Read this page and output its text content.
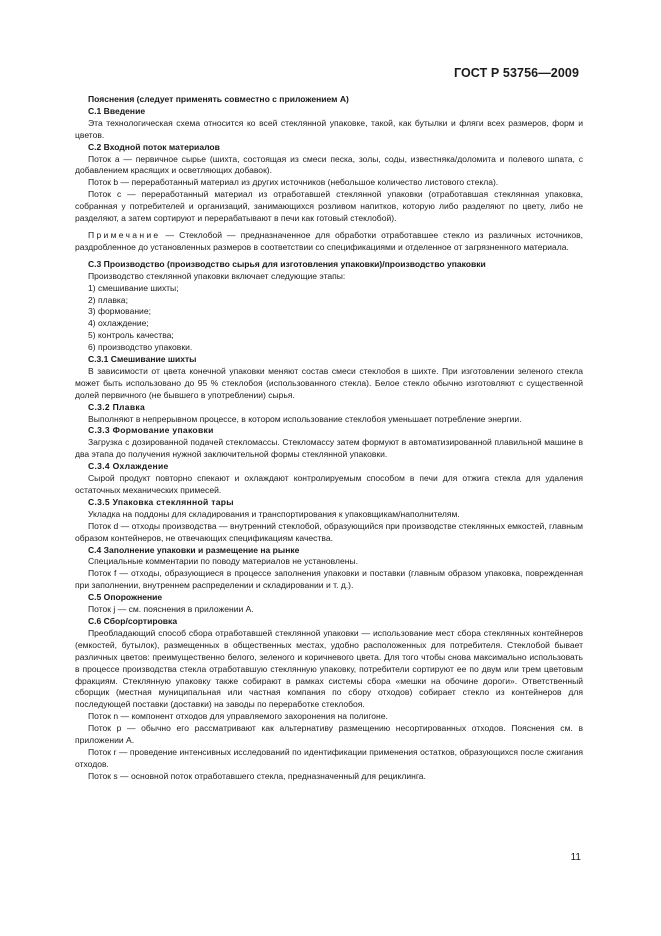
ГОСТ Р 53756—2009

Пояснения (следует применять совместно с приложением А)

С.1 Введение

Эта технологическая схема относится ко всей стеклянной упаковке, такой, как бутылки и фляги всех размеров, форм и цветов.

С.2 Входной поток материалов

Поток а — первичное сырье (шихта, состоящая из смеси песка, золы, соды, известняка/доломита и полевого шпата, с добавлением красящих и осветляющих добавок).

Поток b — переработанный материал из других источников (небольшое количество листового стекла).

Поток с — переработанный материал из отработавшей стеклянной упаковки (отработавшая стеклянная упаковка, собранная у потребителей и организаций, занимающихся розливом напитков, которую либо разделяют по цвету, либо не разделяют, а затем сортируют и перерабатывают в печи как готовый стеклобой).

Примечание — Стеклобой — предназначенное для обработки отработавшее стекло из различных источников, раздробленное до установленных размеров в соответствии со спецификациями и отделенное от загрязненного материала.

С.3 Производство (производство сырья для изготовления упаковки)/производство упаковки

Производство стеклянной упаковки включает следующие этапы:

1) смешивание шихты;

2) плавка;

3) формование;

4) охлаждение;

5) контроль качества;

6) производство упаковки.

С.3.1 Смешивание шихты

В зависимости от цвета конечной упаковки меняют состав смеси стеклобоя в шихте. При изготовлении зеленого стекла может быть использовано до 95 % стеклобоя (использованного стекла). Белое стекло обычно изготовляют с существенной долей первичного (не бывшего в употреблении) сырья.

С.3.2 Плавка

Выполняют в непрерывном процессе, в котором использование стеклобоя уменьшает потребление энергии.

С.3.3 Формование упаковки

Загрузка с дозированной подачей стекломассы. Стекломассу затем формуют в автоматизированной плавильной машине в два этапа до получения нужной заключительной формы стеклянной упаковки.

С.3.4 Охлаждение

Сырой продукт повторно спекают и охлаждают контролируемым способом в печи для отжига стекла для удаления остаточных механических примесей.

С.3.5 Упаковка стеклянной тары

Укладка на поддоны для складирования и транспортирования к упаковщикам/наполнителям.

Поток d — отходы производства — внутренний стеклобой, образующийся при производстве стеклянных емкостей, главным образом контейнеров, не отвечающих спецификациям качества.

С.4 Заполнение упаковки и размещение на рынке

Специальные комментарии по поводу материалов не установлены.

Поток f — отходы, образующиеся в процессе заполнения упаковки и поставки (главным образом упаковка, поврежденная при заполнении, внутреннем распределении и складировании и т. д.).

С.5 Опорожнение

Поток j — см. пояснения в приложении А.

С.6 Сбор/сортировка

Преобладающий способ сбора отработавшей стеклянной упаковки — использование мест сбора стеклянных контейнеров (емкостей, бутылок), размещенных в общественных местах, удобно расположенных для потребителя. Стеклобой бывает различных цветов: преимущественно белого, зеленого и коричневого цвета. Для того чтобы снова максимально использовать в процессе производства стекла отработавшую стеклянную упаковку, потребители сортируют ее по двум или трем цветовым фракциям. Стеклянную упаковку также собирают в рамках системы сбора «мешки на обочине дороги». Ответственный сборщик (местная муниципальная или частная компания по сбору отходов) собирает стекло из контейнеров для последующей поставки (доставки) на заводы по переработке стеклобоя.

Поток n — компонент отходов для управляемого захоронения на полигоне.

Поток р — обычно его рассматривают как альтернативу размещению несортированных отходов. Пояснения см. в приложении А.

Поток r — проведение интенсивных исследований по идентификации применения остатков, образующихся после сжигания отходов.

Поток s — основной поток отработавшего стекла, предназначенный для рециклинга.

11
